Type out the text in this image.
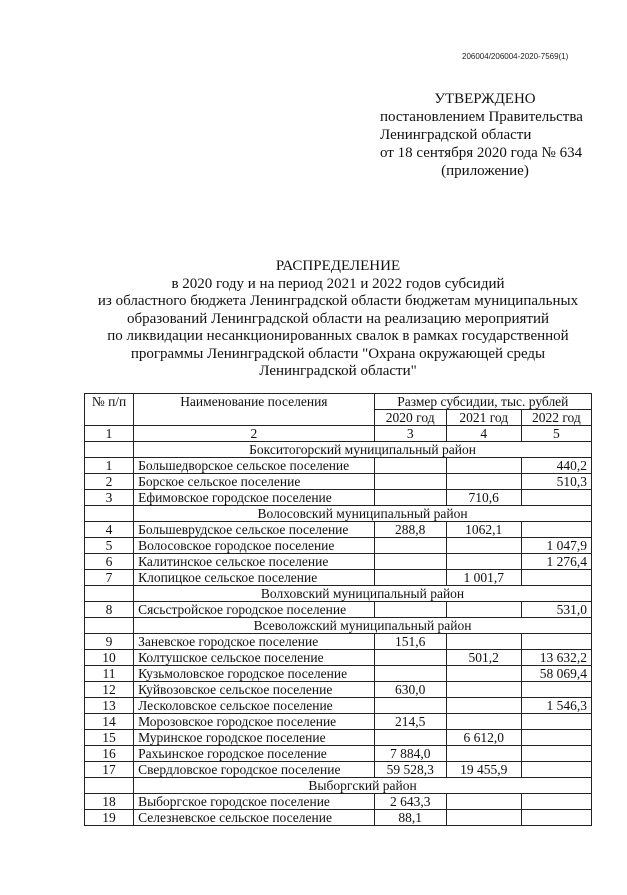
206004/206004-2020-7569(1)
УТВЕРЖДЕНО
постановлением Правительства
Ленинградской области
от 18 сентября 2020 года № 634
(приложение)
РАСПРЕДЕЛЕНИЕ
в 2020 году и на период 2021 и 2022 годов субсидий
из областного бюджета Ленинградской области бюджетам муниципальных
образований Ленинградской области на реализацию мероприятий
по ликвидации несанкционированных свалок в рамках государственной
программы Ленинградской области "Охрана окружающей среды
Ленинградской области"
№ п/п	Наименование поселения	Размер субсидии, тыс. рублей		
		2020 год	2021 год	2022 год
1	2	3	4	5
	Бокситогорский муниципальный район			
1	Большедворское сельское поселение			440,2
2	Борское сельское поселение			510,3
3	Ефимовское городское поселение		710,6	
	Волосовский муниципальный район			
4	Большеврудское сельское поселение	288,8	1062,1	
5	Волосовское городское поселение			1 047,9
6	Калитинское сельское поселение			1 276,4
7	Клопицкое сельское поселение		1 001,7	
	Волховский муниципальный район			
8	Сясьстройское городское поселение			531,0
	Всеволожский муниципальный район			
9	Заневское городское поселение	151,6		
10	Колтушское сельское поселение		501,2	13 632,2
11	Кузьмоловское городское поселение			58 069,4
12	Куйвозовское сельское поселение	630,0		
13	Лесколовское сельское поселение			1 546,3
14	Морозовское городское поселение	214,5		
15	Муринское городское поселение		6 612,0	
16	Рахьинское городское поселение	7 884,0		
17	Свердловское городское поселение	59 528,3	19 455,9	
	Выборгский район			
18	Выборгское городское поселение	2 643,3		
19	Селезневское сельское поселение	88,1		
